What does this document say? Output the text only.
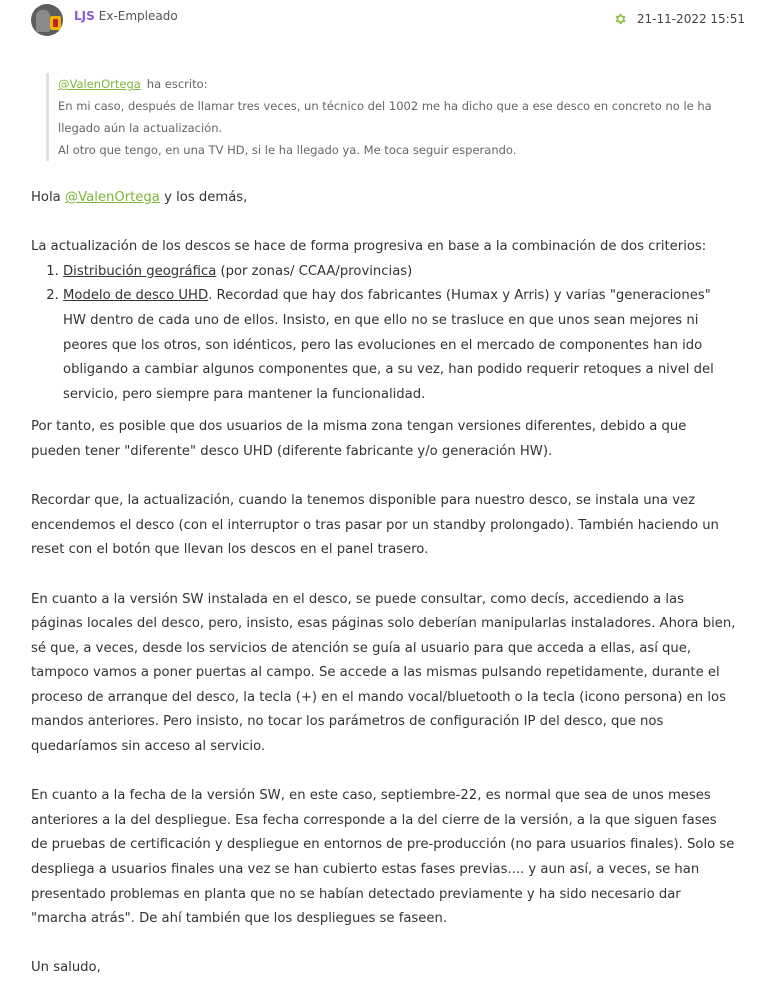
LJS Ex-Empleado	21-11-2022 15:51
@ValenOrtega ha escrito:
En mi caso, después de llamar tres veces, un técnico del 1002 me ha dicho que a ese desco en concreto no le ha llegado aún la actualización.
Al otro que tengo, en una TV HD, si le ha llegado ya. Me toca seguir esperando.

Hola @ValenOrtega y los demás,

La actualización de los descos se hace de forma progresiva en base a la combinación de dos criterios:

1. Distribución geográfica (por zonas/ CCAA/provincias)
2. Modelo de desco UHD. Recordad que hay dos fabricantes (Humax y Arris) y varias "generaciones" HW dentro de cada uno de ellos. Insisto, en que ello no se trasluce en que unos sean mejores ni peores que los otros, son idénticos, pero las evoluciones en el mercado de componentes han ido obligando a cambiar algunos componentes que, a su vez, han podido requerir retoques a nivel del servicio, pero siempre para mantener la funcionalidad.

Por tanto, es posible que dos usuarios de la misma zona tengan versiones diferentes, debido a que pueden tener "diferente" desco UHD (diferente fabricante y/o generación HW).

Recordar que, la actualización, cuando la tenemos disponible para nuestro desco, se instala una vez encendemos el desco (con el interruptor o tras pasar por un standby prolongado). También haciendo un reset con el botón que llevan los descos en el panel trasero.

En cuanto a la versión SW instalada en el desco, se puede consultar, como decís, accediendo a las páginas locales del desco, pero, insisto, esas páginas solo deberían manipularlas instaladores. Ahora bien, sé que, a veces, desde los servicios de atención se guía al usuario para que acceda a ellas, así que, tampoco vamos a poner puertas al campo. Se accede a las mismas pulsando repetidamente, durante el proceso de arranque del desco, la tecla (+) en el mando vocal/bluetooth o la tecla (icono persona) en los mandos anteriores. Pero insisto, no tocar los parámetros de configuración IP del desco, que nos quedaríamos sin acceso al servicio.

En cuanto a la fecha de la versión SW, en este caso, septiembre-22, es normal que sea de unos meses anteriores a la del despliegue. Esa fecha corresponde a la del cierre de la versión, a la que siguen fases de pruebas de certificación y despliegue en entornos de pre-producción (no para usuarios finales). Solo se despliega a usuarios finales una vez se han cubierto estas fases previas.... y aun así, a veces, se han presentado problemas en planta que no se habían detectado previamente y ha sido necesario dar "marcha atrás". De ahí también que los despliegues se faseen.

Un saludo,
